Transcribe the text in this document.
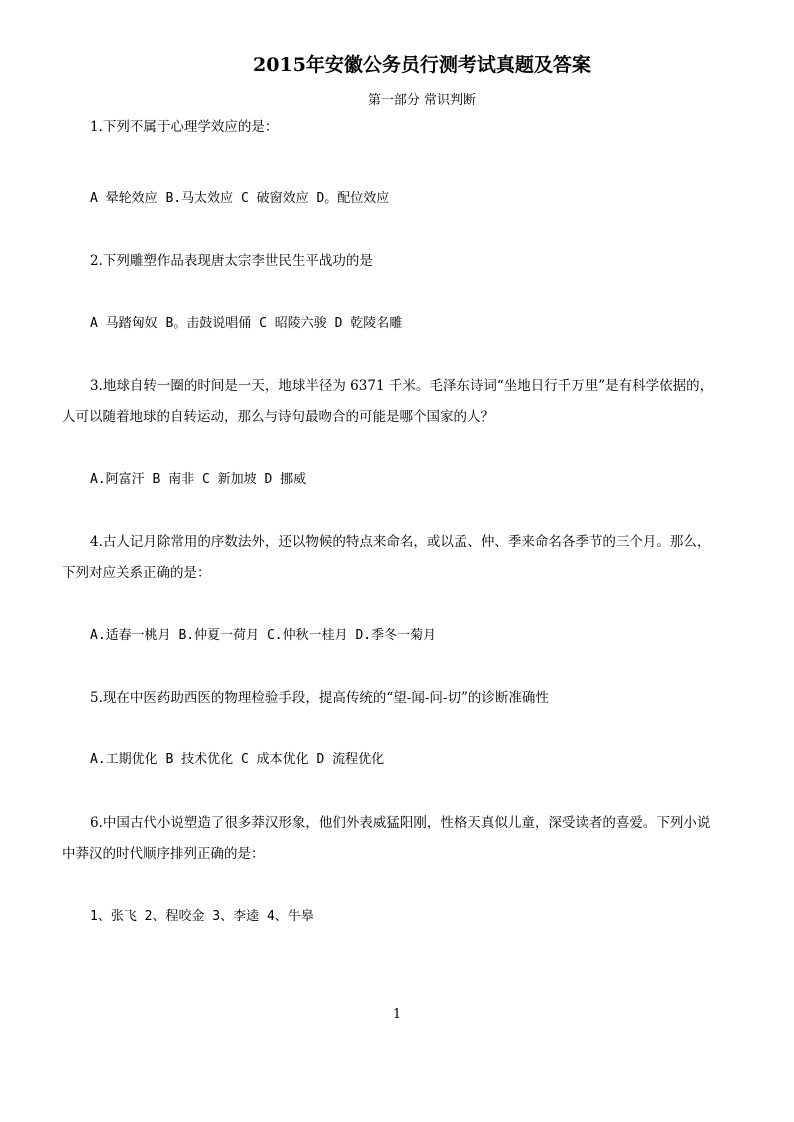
2015年安徽公务员行测考试真题及答案
第一部分 常识判断
1.下列不属于心理学效应的是：
A 晕轮效应 B.马太效应 C 破窗效应 D。配位效应
2.下列雕塑作品表现唐太宗李世民生平战功的是
A 马踏匈奴 B。击鼓说唱俑 C 昭陵六骏 D 乾陵名雕
3.地球自转一圈的时间是一天，地球半径为 6371 千米。毛泽东诗词“坐地日行千万里”是有科学依据的，
人可以随着地球的自转运动，那么与诗句最吻合的可能是哪个国家的人？
A.阿富汗 B 南非 C 新加坡 D 挪威
4.古人记月除常用的序数法外，还以物候的特点来命名，或以孟、仲、季来命名各季节的三个月。那么，
下列对应关系正确的是：
A.适春一桃月 B.仲夏一荷月 C.仲秋一桂月 D.季冬一菊月
5.现在中医药助西医的物理检验手段，提高传统的“望-闻-问-切”的诊断准确性
A.工期优化 B 技术优化 C 成本优化 D 流程优化
6.中国古代小说塑造了很多莽汉形象，他们外表威猛阳刚，性格天真似儿童，深受读者的喜爱。下列小说
中莽汉的时代顺序排列正确的是：
1、张飞 2、程咬金 3、李逵 4、牛皋
1
